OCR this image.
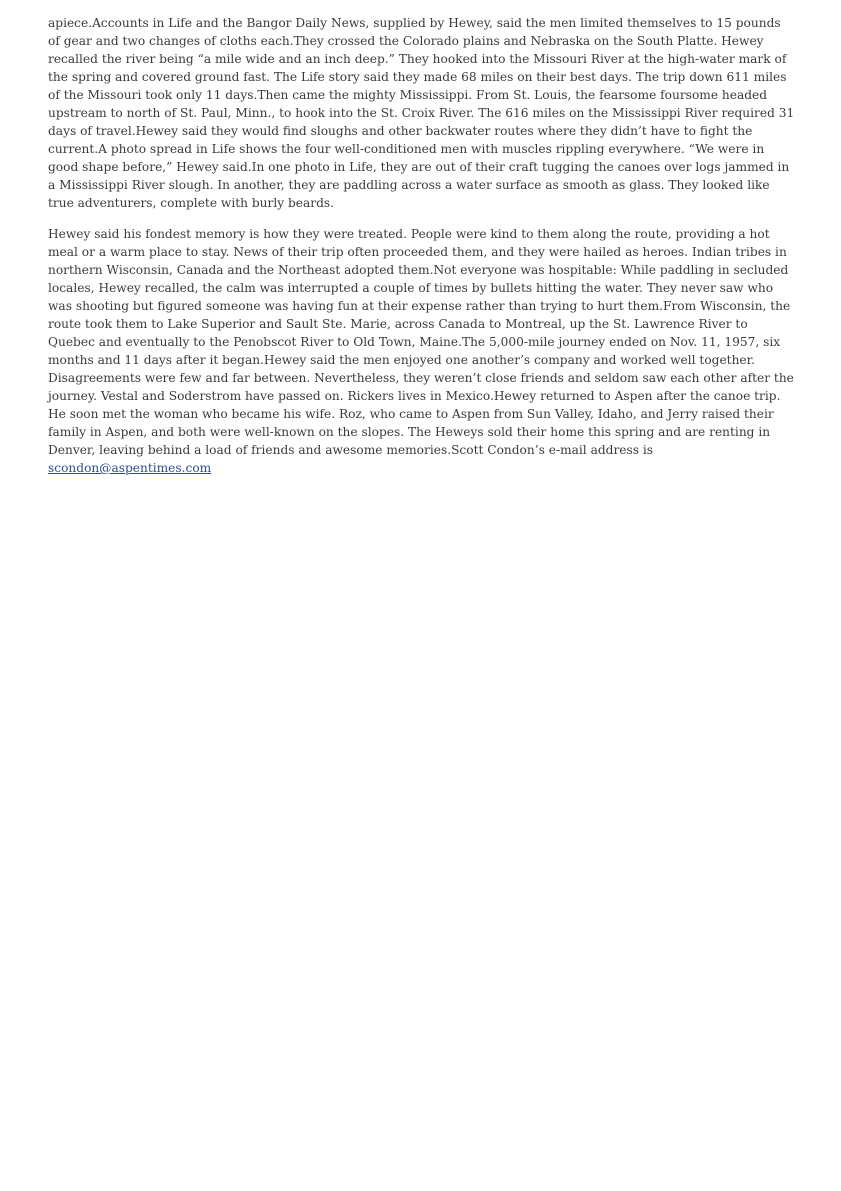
apiece.Accounts in Life and the Bangor Daily News, supplied by Hewey, said the men limited themselves to 15 pounds of gear and two changes of cloths each.They crossed the Colorado plains and Nebraska on the South Platte. Hewey recalled the river being “a mile wide and an inch deep.” They hooked into the Missouri River at the high-water mark of the spring and covered ground fast. The Life story said they made 68 miles on their best days. The trip down 611 miles of the Missouri took only 11 days.Then came the mighty Mississippi. From St. Louis, the fearsome foursome headed upstream to north of St. Paul, Minn., to hook into the St. Croix River. The 616 miles on the Mississippi River required 31 days of travel.Hewey said they would find sloughs and other backwater routes where they didn’t have to fight the current.A photo spread in Life shows the four well-conditioned men with muscles rippling everywhere. “We were in good shape before,” Hewey said.In one photo in Life, they are out of their craft tugging the canoes over logs jammed in a Mississippi River slough. In another, they are paddling across a water surface as smooth as glass. They looked like true adventurers, complete with burly beards.

Hewey said his fondest memory is how they were treated. People were kind to them along the route, providing a hot meal or a warm place to stay. News of their trip often proceeded them, and they were hailed as heroes. Indian tribes in northern Wisconsin, Canada and the Northeast adopted them.Not everyone was hospitable: While paddling in secluded locales, Hewey recalled, the calm was interrupted a couple of times by bullets hitting the water. They never saw who was shooting but figured someone was having fun at their expense rather than trying to hurt them.From Wisconsin, the route took them to Lake Superior and Sault Ste. Marie, across Canada to Montreal, up the St. Lawrence River to Quebec and eventually to the Penobscot River to Old Town, Maine.The 5,000-mile journey ended on Nov. 11, 1957, six months and 11 days after it began.Hewey said the men enjoyed one another’s company and worked well together. Disagreements were few and far between. Nevertheless, they weren’t close friends and seldom saw each other after the journey. Vestal and Soderstrom have passed on. Rickers lives in Mexico.Hewey returned to Aspen after the canoe trip. He soon met the woman who became his wife. Roz, who came to Aspen from Sun Valley, Idaho, and Jerry raised their family in Aspen, and both were well-known on the slopes. The Heweys sold their home this spring and are renting in Denver, leaving behind a load of friends and awesome memories.Scott Condon’s e-mail address is scondon@aspentimes.com
